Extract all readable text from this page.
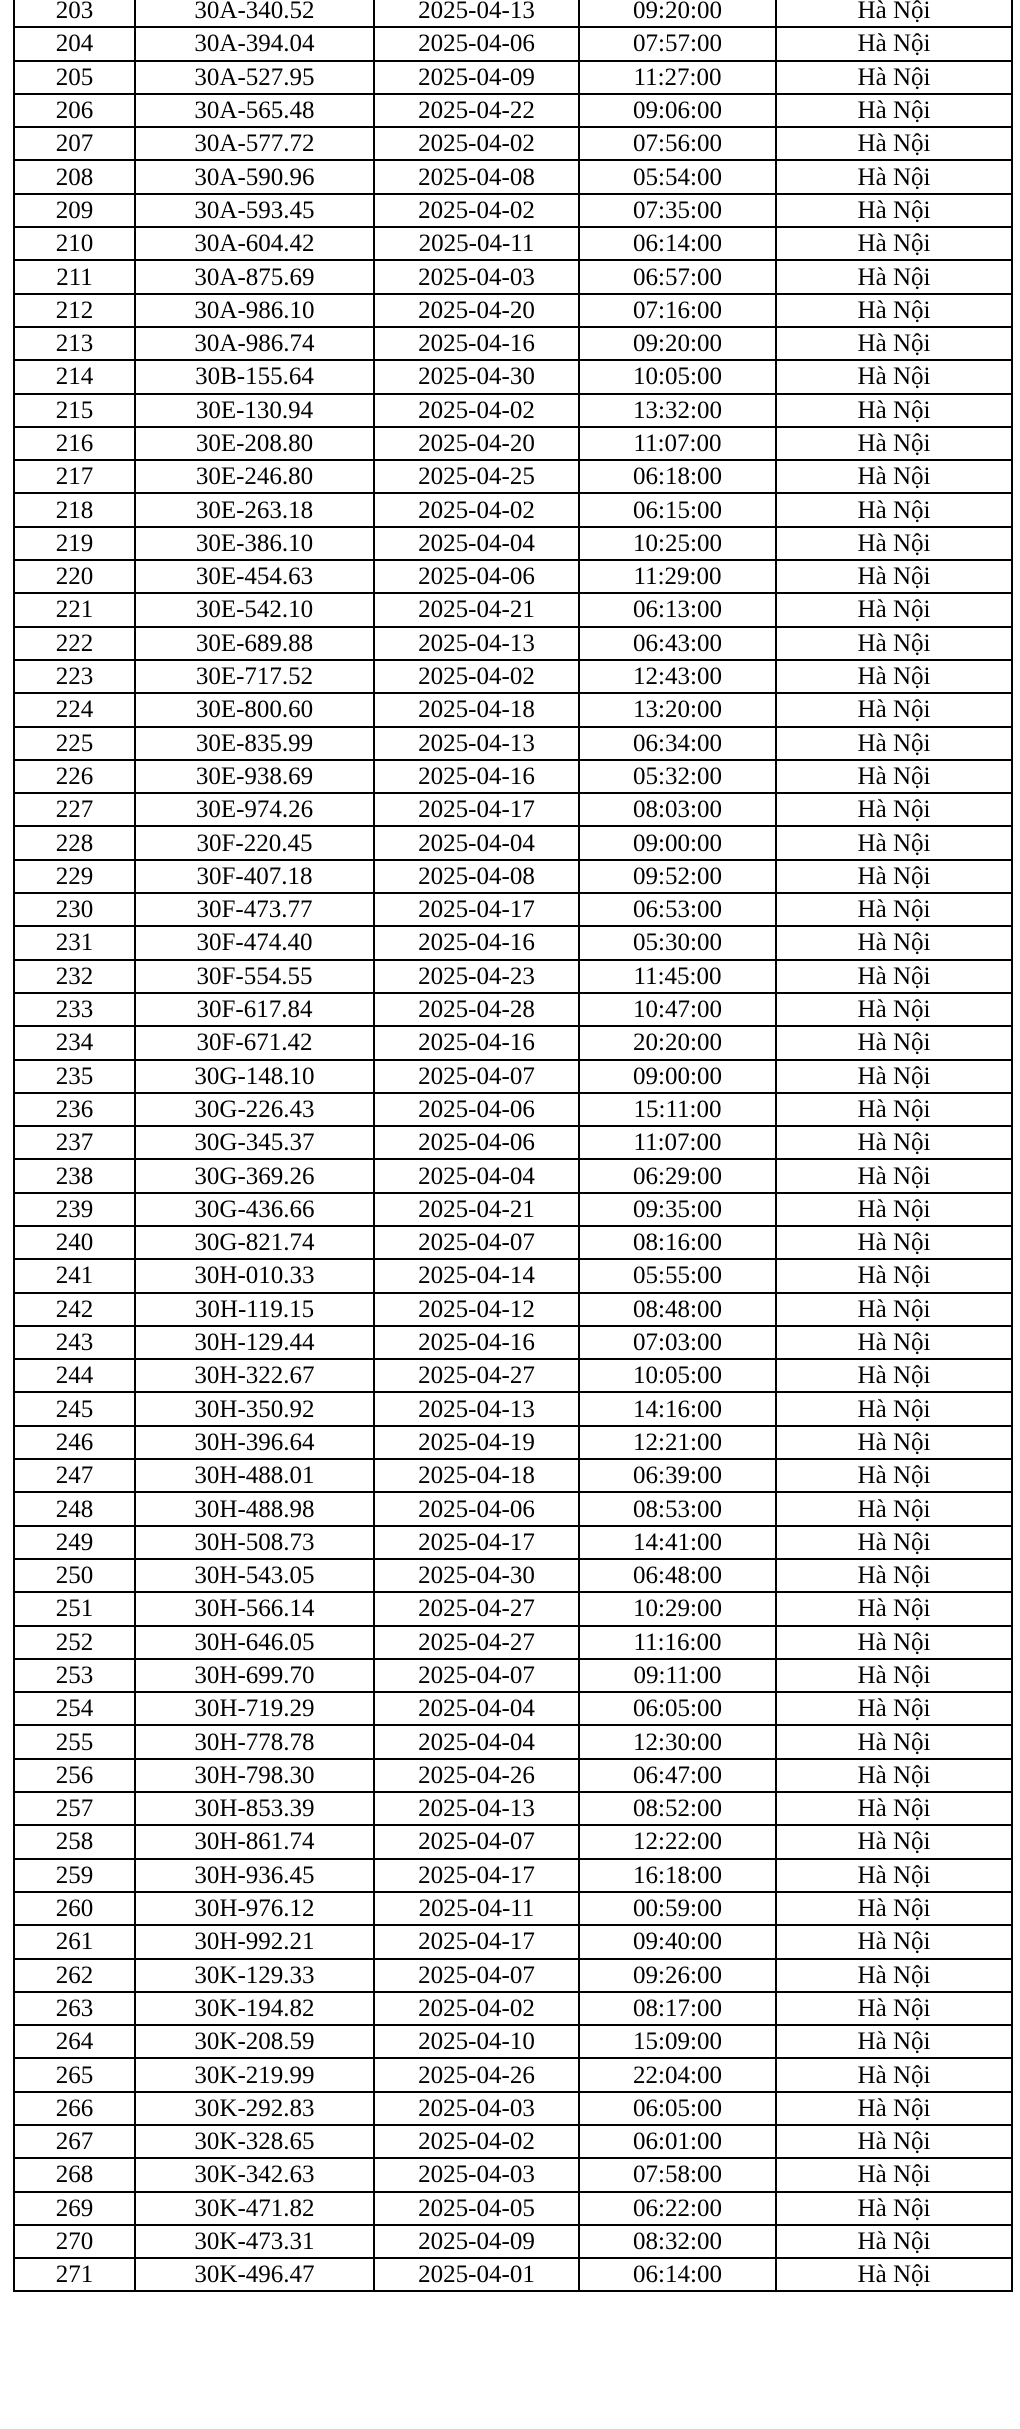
203	30A-340.52	2025-04-13	09:20:00	Hà Nội
204	30A-394.04	2025-04-06	07:57:00	Hà Nội
205	30A-527.95	2025-04-09	11:27:00	Hà Nội
206	30A-565.48	2025-04-22	09:06:00	Hà Nội
207	30A-577.72	2025-04-02	07:56:00	Hà Nội
208	30A-590.96	2025-04-08	05:54:00	Hà Nội
209	30A-593.45	2025-04-02	07:35:00	Hà Nội
210	30A-604.42	2025-04-11	06:14:00	Hà Nội
211	30A-875.69	2025-04-03	06:57:00	Hà Nội
212	30A-986.10	2025-04-20	07:16:00	Hà Nội
213	30A-986.74	2025-04-16	09:20:00	Hà Nội
214	30B-155.64	2025-04-30	10:05:00	Hà Nội
215	30E-130.94	2025-04-02	13:32:00	Hà Nội
216	30E-208.80	2025-04-20	11:07:00	Hà Nội
217	30E-246.80	2025-04-25	06:18:00	Hà Nội
218	30E-263.18	2025-04-02	06:15:00	Hà Nội
219	30E-386.10	2025-04-04	10:25:00	Hà Nội
220	30E-454.63	2025-04-06	11:29:00	Hà Nội
221	30E-542.10	2025-04-21	06:13:00	Hà Nội
222	30E-689.88	2025-04-13	06:43:00	Hà Nội
223	30E-717.52	2025-04-02	12:43:00	Hà Nội
224	30E-800.60	2025-04-18	13:20:00	Hà Nội
225	30E-835.99	2025-04-13	06:34:00	Hà Nội
226	30E-938.69	2025-04-16	05:32:00	Hà Nội
227	30E-974.26	2025-04-17	08:03:00	Hà Nội
228	30F-220.45	2025-04-04	09:00:00	Hà Nội
229	30F-407.18	2025-04-08	09:52:00	Hà Nội
230	30F-473.77	2025-04-17	06:53:00	Hà Nội
231	30F-474.40	2025-04-16	05:30:00	Hà Nội
232	30F-554.55	2025-04-23	11:45:00	Hà Nội
233	30F-617.84	2025-04-28	10:47:00	Hà Nội
234	30F-671.42	2025-04-16	20:20:00	Hà Nội
235	30G-148.10	2025-04-07	09:00:00	Hà Nội
236	30G-226.43	2025-04-06	15:11:00	Hà Nội
237	30G-345.37	2025-04-06	11:07:00	Hà Nội
238	30G-369.26	2025-04-04	06:29:00	Hà Nội
239	30G-436.66	2025-04-21	09:35:00	Hà Nội
240	30G-821.74	2025-04-07	08:16:00	Hà Nội
241	30H-010.33	2025-04-14	05:55:00	Hà Nội
242	30H-119.15	2025-04-12	08:48:00	Hà Nội
243	30H-129.44	2025-04-16	07:03:00	Hà Nội
244	30H-322.67	2025-04-27	10:05:00	Hà Nội
245	30H-350.92	2025-04-13	14:16:00	Hà Nội
246	30H-396.64	2025-04-19	12:21:00	Hà Nội
247	30H-488.01	2025-04-18	06:39:00	Hà Nội
248	30H-488.98	2025-04-06	08:53:00	Hà Nội
249	30H-508.73	2025-04-17	14:41:00	Hà Nội
250	30H-543.05	2025-04-30	06:48:00	Hà Nội
251	30H-566.14	2025-04-27	10:29:00	Hà Nội
252	30H-646.05	2025-04-27	11:16:00	Hà Nội
253	30H-699.70	2025-04-07	09:11:00	Hà Nội
254	30H-719.29	2025-04-04	06:05:00	Hà Nội
255	30H-778.78	2025-04-04	12:30:00	Hà Nội
256	30H-798.30	2025-04-26	06:47:00	Hà Nội
257	30H-853.39	2025-04-13	08:52:00	Hà Nội
258	30H-861.74	2025-04-07	12:22:00	Hà Nội
259	30H-936.45	2025-04-17	16:18:00	Hà Nội
260	30H-976.12	2025-04-11	00:59:00	Hà Nội
261	30H-992.21	2025-04-17	09:40:00	Hà Nội
262	30K-129.33	2025-04-07	09:26:00	Hà Nội
263	30K-194.82	2025-04-02	08:17:00	Hà Nội
264	30K-208.59	2025-04-10	15:09:00	Hà Nội
265	30K-219.99	2025-04-26	22:04:00	Hà Nội
266	30K-292.83	2025-04-03	06:05:00	Hà Nội
267	30K-328.65	2025-04-02	06:01:00	Hà Nội
268	30K-342.63	2025-04-03	07:58:00	Hà Nội
269	30K-471.82	2025-04-05	06:22:00	Hà Nội
270	30K-473.31	2025-04-09	08:32:00	Hà Nội
271	30K-496.47	2025-04-01	06:14:00	Hà Nội
